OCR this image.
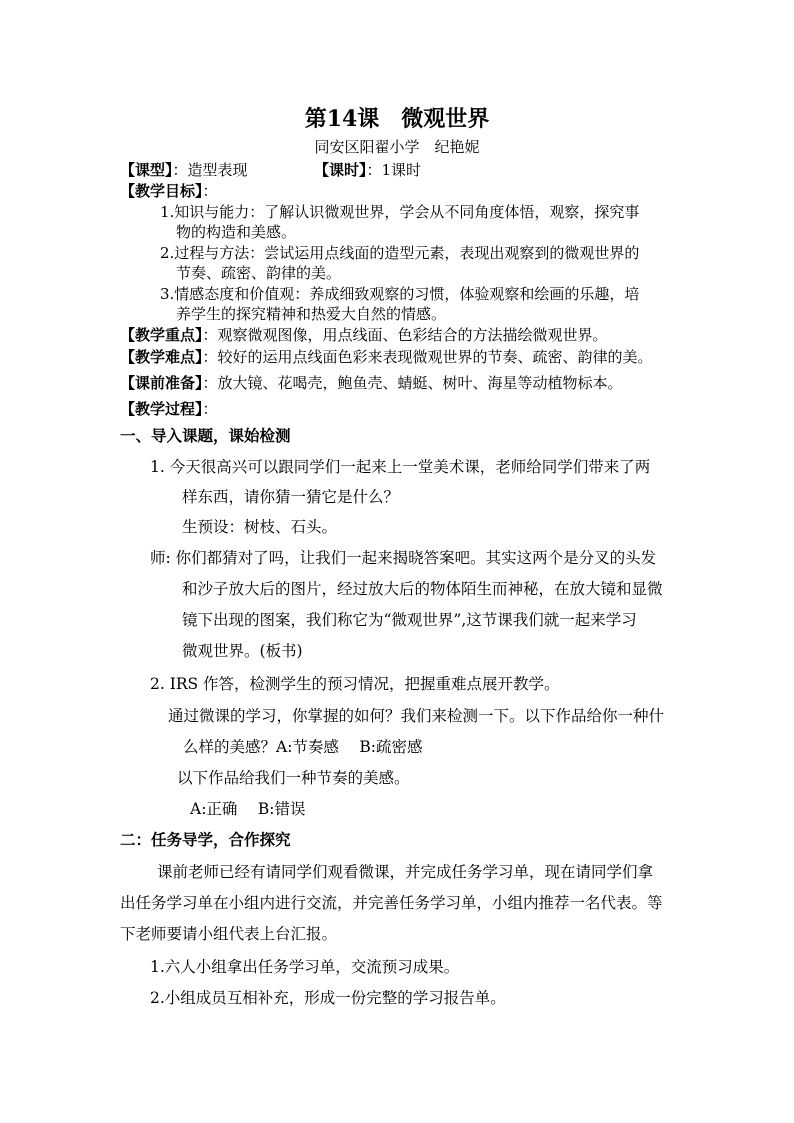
第14课　微观世界
同安区阳翟小学　纪艳妮
【课型】：造型表现	【课时】：1课时
【教学目标】：
1.知识与能力：了解认识微观世界，学会从不同角度体悟，观察，探究事
物的构造和美感。
2.过程与方法：尝试运用点线面的造型元素，表现出观察到的微观世界的
节奏、疏密、韵律的美。
3.情感态度和价值观：养成细致观察的习惯，体验观察和绘画的乐趣，培
养学生的探究精神和热爱大自然的情感。
【教学重点】：观察微观图像，用点线面、色彩结合的方法描绘微观世界。
【教学难点】：较好的运用点线面色彩来表现微观世界的节奏、疏密、韵律的美。
【课前准备】：放大镜、花喝壳，鲍鱼壳、蜻蜓、树叶、海星等动植物标本。
【教学过程】：
一、导入课题，课始检测
1. 今天很高兴可以跟同学们一起来上一堂美术课，老师给同学们带来了两
样东西，请你猜一猜它是什么？
生预设：树枝、石头。
师: 你们都猜对了吗，让我们一起来揭晓答案吧。其实这两个是分叉的头发
和沙子放大后的图片，经过放大后的物体陌生而神秘，在放大镜和显微
镜下出现的图案，我们称它为“微观世界”,这节课我们就一起来学习
微观世界。(板书)
2. IRS 作答，检测学生的预习情况，把握重难点展开教学。
通过微课的学习，你掌握的如何？我们来检测一下。以下作品给你一种什
么样的美感？A:节奏感　 B:疏密感
以下作品给我们一种节奏的美感。
A:正确　 B:错误
二：任务导学，合作探究
课前老师已经有请同学们观看微课，并完成任务学习单，现在请同学们拿
出任务学习单在小组内进行交流，并完善任务学习单，小组内推荐一名代表。等
下老师要请小组代表上台汇报。
1.六人小组拿出任务学习单，交流预习成果。
2.小组成员互相补充，形成一份完整的学习报告单。
